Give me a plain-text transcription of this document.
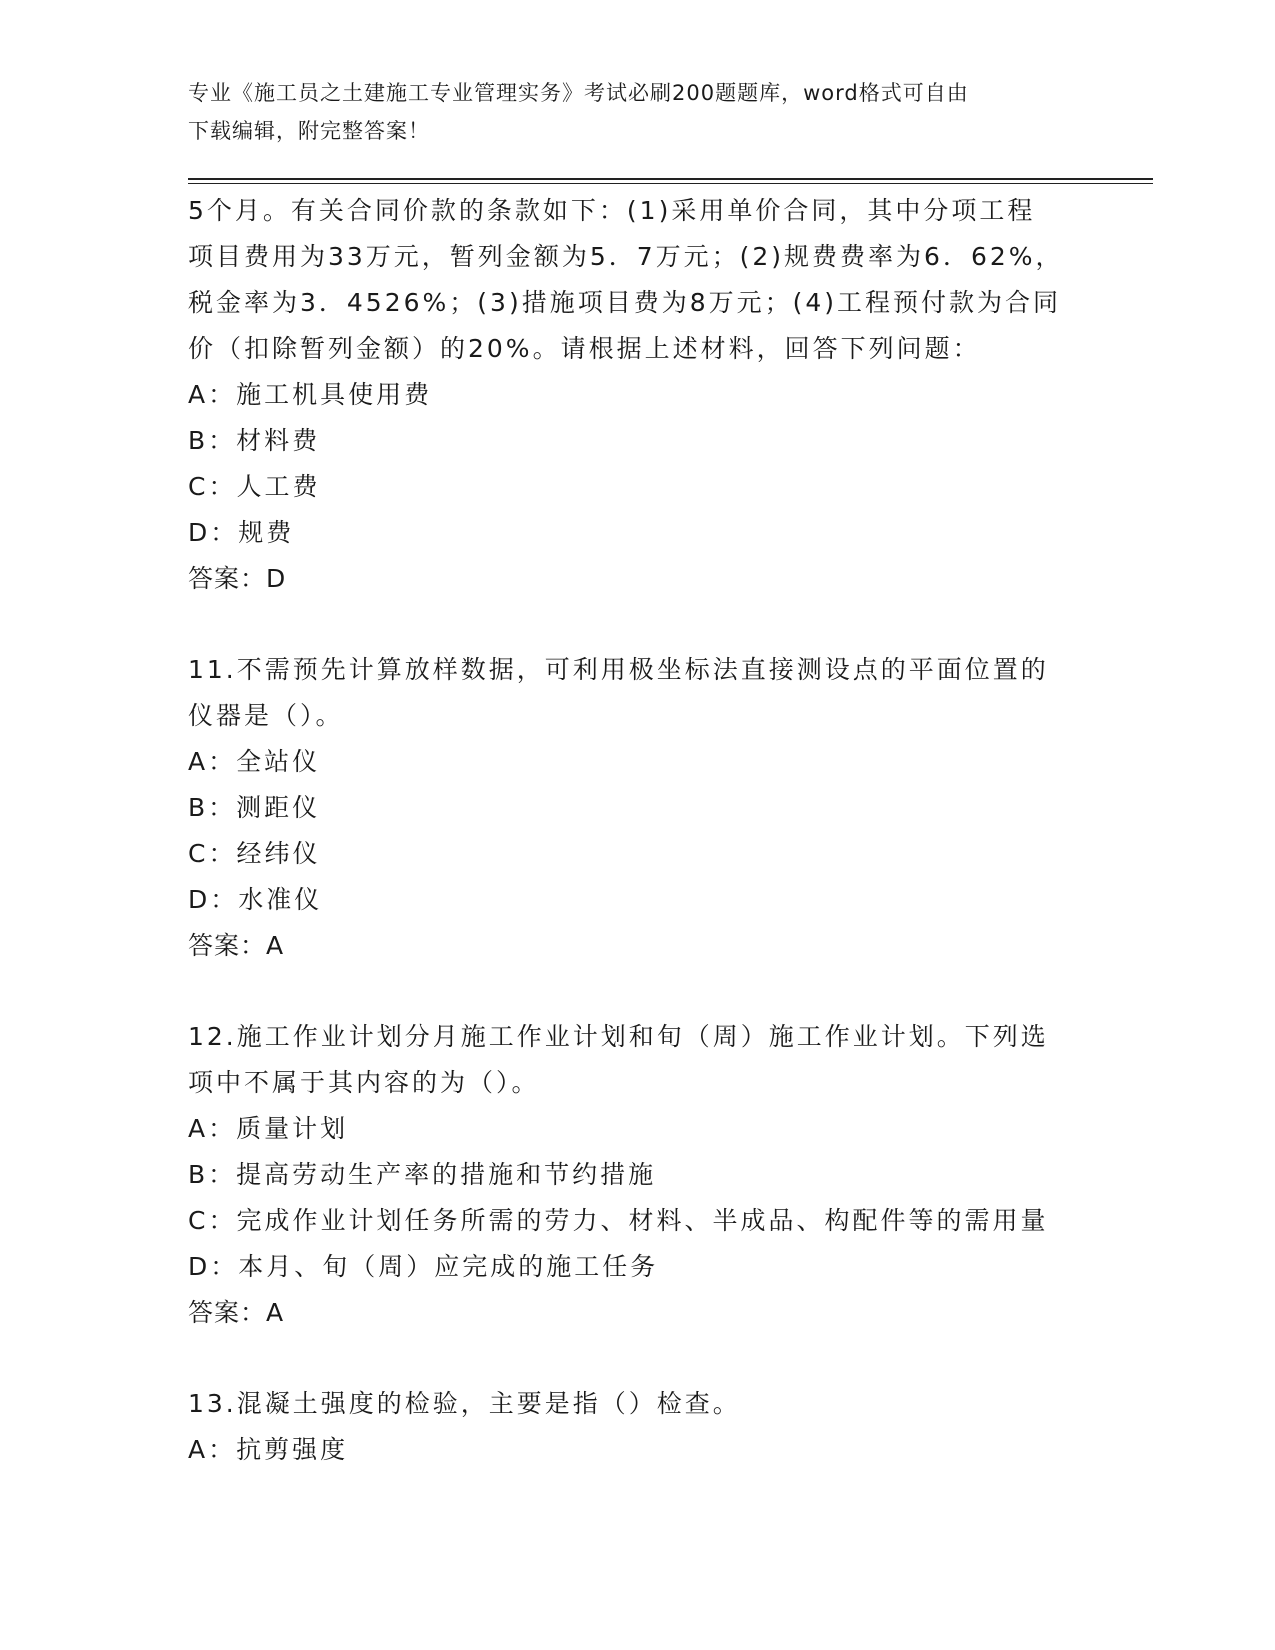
专业《施工员之土建施工专业管理实务》考试必刷200题题库，word格式可自由
下载编辑，附完整答案！
5个月。有关合同价款的条款如下：(1)采用单价合同，其中分项工程
项目费用为33万元，暂列金额为5．7万元；(2)规费费率为6．62%，
税金率为3．4526%；(3)措施项目费为8万元；(4)工程预付款为合同
价（扣除暂列金额）的20%。请根据上述材料，回答下列问题：
A：施工机具使用费
B：材料费
C：人工费
D：规费
答案：D
11.不需预先计算放样数据，可利用极坐标法直接测设点的平面位置的
仪器是（）。
A：全站仪
B：测距仪
C：经纬仪
D：水准仪
答案：A
12.施工作业计划分月施工作业计划和旬（周）施工作业计划。下列选
项中不属于其内容的为（）。
A：质量计划
B：提高劳动生产率的措施和节约措施
C：完成作业计划任务所需的劳力、材料、半成品、构配件等的需用量
D：本月、旬（周）应完成的施工任务
答案：A
13.混凝土强度的检验，主要是指（）检查。
A：抗剪强度
